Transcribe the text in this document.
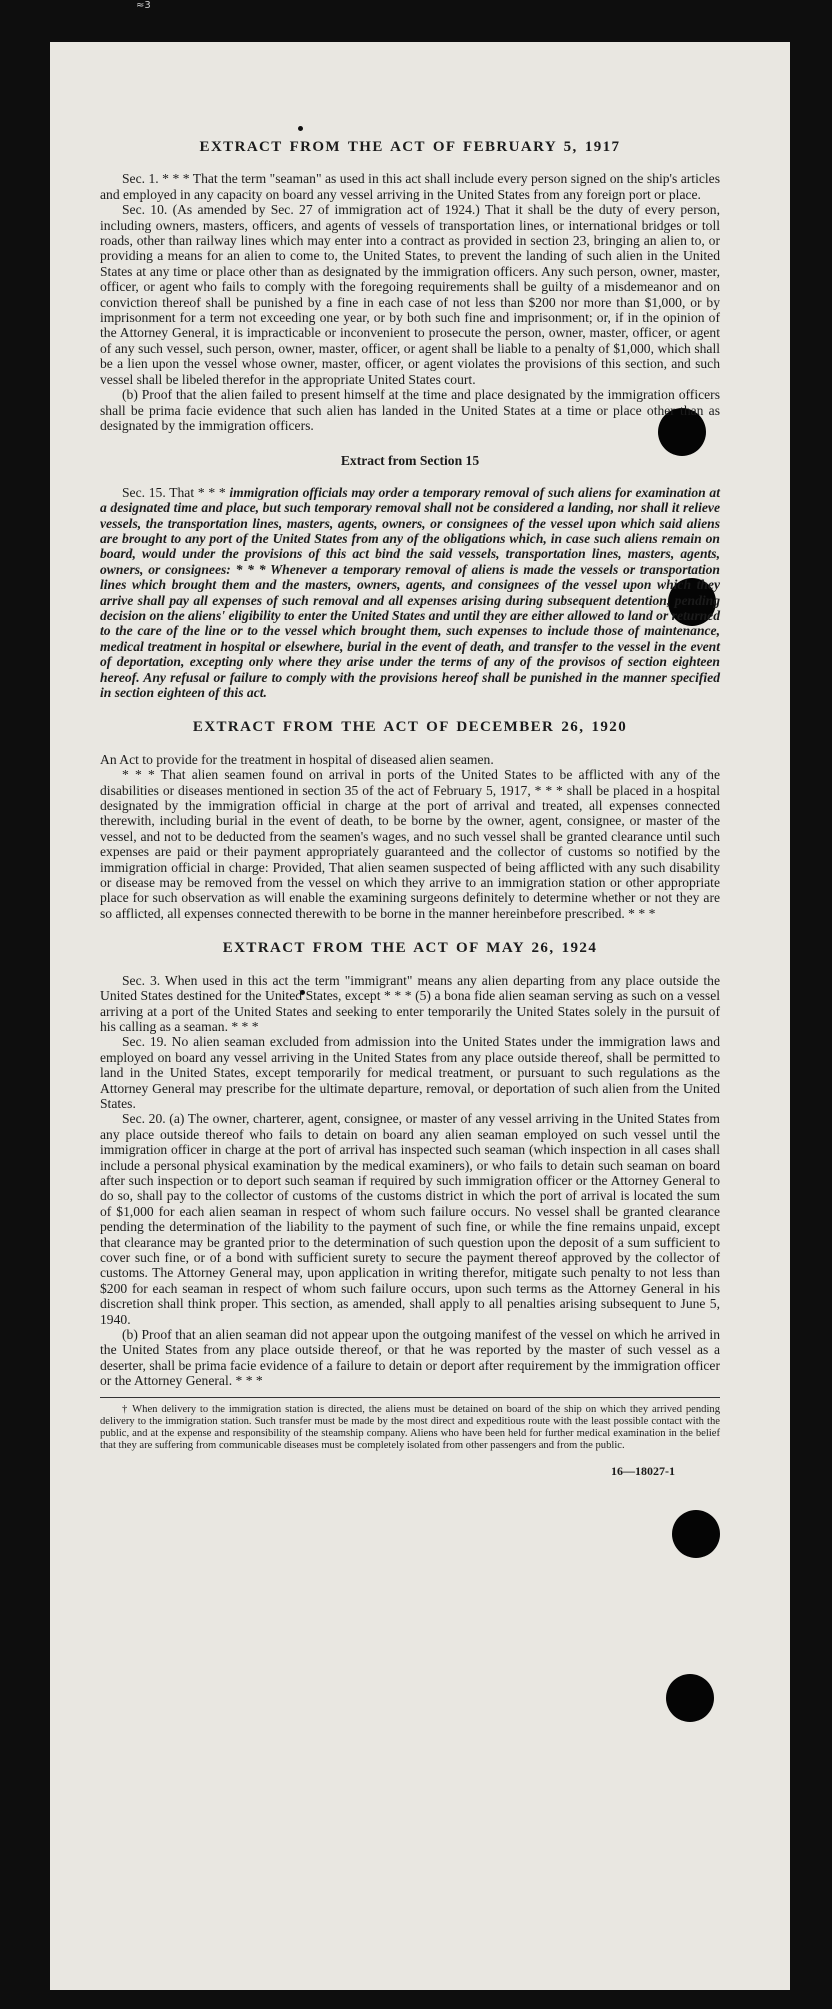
≈3
EXTRACT FROM THE ACT OF FEBRUARY 5, 1917

Sec. 1. * * * That the term "seaman" as used in this act shall include every person signed on the ship's articles and employed in any capacity on board any vessel arriving in the United States from any foreign port or place.

Sec. 10. (As amended by Sec. 27 of immigration act of 1924.) That it shall be the duty of every person, including owners, masters, officers, and agents of vessels of transportation lines, or international bridges or toll roads, other than railway lines which may enter into a contract as provided in section 23, bringing an alien to, or providing a means for an alien to come to, the United States, to prevent the landing of such alien in the United States at any time or place other than as designated by the immigration officers. Any such person, owner, master, officer, or agent who fails to comply with the foregoing requirements shall be guilty of a misdemeanor and on conviction thereof shall be punished by a fine in each case of not less than $200 nor more than $1,000, or by imprisonment for a term not exceeding one year, or by both such fine and imprisonment; or, if in the opinion of the Attorney General, it is impracticable or inconvenient to prosecute the person, owner, master, officer, or agent of any such vessel, such person, owner, master, officer, or agent shall be liable to a penalty of $1,000, which shall be a lien upon the vessel whose owner, master, officer, or agent violates the provisions of this section, and such vessel shall be libeled therefor in the appropriate United States court.

(b) Proof that the alien failed to present himself at the time and place designated by the immigration officers shall be prima facie evidence that such alien has landed in the United States at a time or place other than as designated by the immigration officers.

Extract from Section 15

Sec. 15. That * * * immigration officials may order a temporary removal of such aliens for examination at a designated time and place, but such temporary removal shall not be considered a landing, nor shall it relieve vessels, the transportation lines, masters, agents, owners, or consignees of the vessel upon which said aliens are brought to any port of the United States from any of the obligations which, in case such aliens remain on board, would under the provisions of this act bind the said vessels, transportation lines, masters, agents, owners, or consignees: * * * Whenever a temporary removal of aliens is made the vessels or transportation lines which brought them and the masters, owners, agents, and consignees of the vessel upon which they arrive shall pay all expenses of such removal and all expenses arising during subsequent detention, pending decision on the aliens' eligibility to enter the United States and until they are either allowed to land or returned to the care of the line or to the vessel which brought them, such expenses to include those of maintenance, medical treatment in hospital or elsewhere, burial in the event of death, and transfer to the vessel in the event of deportation, excepting only where they arise under the terms of any of the provisos of section eighteen hereof. Any refusal or failure to comply with the provisions hereof shall be punished in the manner specified in section eighteen of this act.

EXTRACT FROM THE ACT OF DECEMBER 26, 1920

An Act to provide for the treatment in hospital of diseased alien seamen.

* * * That alien seamen found on arrival in ports of the United States to be afflicted with any of the disabilities or diseases mentioned in section 35 of the act of February 5, 1917, * * * shall be placed in a hospital designated by the immigration official in charge at the port of arrival and treated, all expenses connected therewith, including burial in the event of death, to be borne by the owner, agent, consignee, or master of the vessel, and not to be deducted from the seamen's wages, and no such vessel shall be granted clearance until such expenses are paid or their payment appropriately guaranteed and the collector of customs so notified by the immigration official in charge: Provided, That alien seamen suspected of being afflicted with any such disability or disease may be removed from the vessel on which they arrive to an immigration station or other appropriate place for such observation as will enable the examining surgeons definitely to determine whether or not they are so afflicted, all expenses connected therewith to be borne in the manner hereinbefore prescribed. * * *

EXTRACT FROM THE ACT OF MAY 26, 1924

Sec. 3. When used in this act the term "immigrant" means any alien departing from any place outside the United States destined for the United States, except * * * (5) a bona fide alien seaman serving as such on a vessel arriving at a port of the United States and seeking to enter temporarily the United States solely in the pursuit of his calling as a seaman. * * *

Sec. 19. No alien seaman excluded from admission into the United States under the immigration laws and employed on board any vessel arriving in the United States from any place outside thereof, shall be permitted to land in the United States, except temporarily for medical treatment, or pursuant to such regulations as the Attorney General may prescribe for the ultimate departure, removal, or deportation of such alien from the United States.

Sec. 20. (a) The owner, charterer, agent, consignee, or master of any vessel arriving in the United States from any place outside thereof who fails to detain on board any alien seaman employed on such vessel until the immigration officer in charge at the port of arrival has inspected such seaman (which inspection in all cases shall include a personal physical examination by the medical examiners), or who fails to detain such seaman on board after such inspection or to deport such seaman if required by such immigration officer or the Attorney General to do so, shall pay to the collector of customs of the customs district in which the port of arrival is located the sum of $1,000 for each alien seaman in respect of whom such failure occurs. No vessel shall be granted clearance pending the determination of the liability to the payment of such fine, or while the fine remains unpaid, except that clearance may be granted prior to the determination of such question upon the deposit of a sum sufficient to cover such fine, or of a bond with sufficient surety to secure the payment thereof approved by the collector of customs. The Attorney General may, upon application in writing therefor, mitigate such penalty to not less than $200 for each seaman in respect of whom such failure occurs, upon such terms as the Attorney General in his discretion shall think proper. This section, as amended, shall apply to all penalties arising subsequent to June 5, 1940.

(b) Proof that an alien seaman did not appear upon the outgoing manifest of the vessel on which he arrived in the United States from any place outside thereof, or that he was reported by the master of such vessel as a deserter, shall be prima facie evidence of a failure to detain or deport after requirement by the immigration officer or the Attorney General. * * *

† When delivery to the immigration station is directed, the aliens must be detained on board of the ship on which they arrived pending delivery to the immigration station. Such transfer must be made by the most direct and expeditious route with the least possible contact with the public, and at the expense and responsibility of the steamship company. Aliens who have been held for further medical examination in the belief that they are suffering from communicable diseases must be completely isolated from other passengers and from the public.

16—18027-1
